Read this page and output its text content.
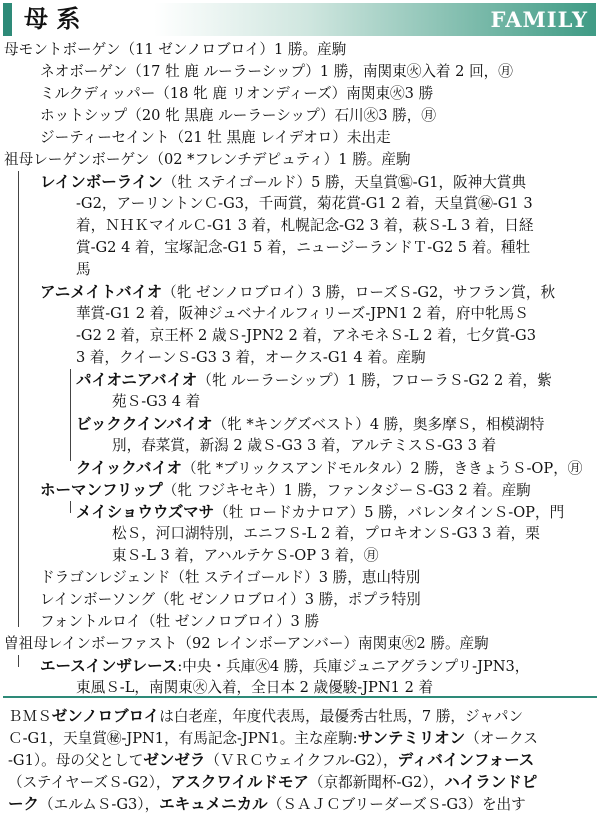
母 系	FAMILY
母モントボーゲン（11 ゼンノロブロイ）1 勝。産駒
ネオボーゲン（17 牡 鹿 ルーラーシップ）1 勝，南関東㊋入着 2 回，㊊
ミルクディッパー（18 牝 鹿 リオンディーズ）南関東㊋3 勝
ホットシップ（20 牝 黒鹿 ルーラーシップ）石川㊋3 勝，㊊
ジーティーセイント（21 牡 黒鹿 レイデオロ）未出走
祖母レーゲンボーゲン（02 *フレンチデピュティ）1 勝。産駒
レインボーライン（牡 ステイゴールド）5 勝，天皇賞㊬-G1，阪神大賞典
-G2，アーリントンＣ-G3，千両賞，菊花賞-G1 2 着，天皇賞㊙-G1 3
着，ＮＨＫマイルＣ-G1 3 着，札幌記念-G2 3 着，萩Ｓ-L 3 着，日経
賞-G2 4 着，宝塚記念-G1 5 着，ニュージーランドＴ-G2 5 着。種牡
馬
アニメイトバイオ（牝 ゼンノロブロイ）3 勝，ローズＳ-G2，サフラン賞，秋
華賞-G1 2 着，阪神ジュベナイルフィリーズ-JPN1 2 着，府中牝馬Ｓ
-G2 2 着，京王杯 2 歳Ｓ-JPN2 2 着，アネモネＳ-L 2 着，七夕賞-G3
3 着，クイーンＳ-G3 3 着，オークス-G1 4 着。産駒
パイオニアバイオ（牝 ルーラーシップ）1 勝，フローラＳ-G2 2 着，紫
苑Ｓ-G3 4 着
ビッククインバイオ（牝 *キングズベスト）4 勝，奥多摩Ｓ，相模湖特
別，春菜賞，新潟 2 歳Ｓ-G3 3 着，アルテミスＳ-G3 3 着
クイックバイオ（牝 *ブリックスアンドモルタル）2 勝，ききょうＳ-OP，㊊
ホーマンフリップ（牝 フジキセキ）1 勝，ファンタジーＳ-G3 2 着。産駒
メイショウウズマサ（牡 ロードカナロア）5 勝，バレンタインＳ-OP，門
松Ｓ，河口湖特別，エニフＳ-L 2 着，プロキオンＳ-G3 3 着，栗
東Ｓ-L 3 着，アハルテケＳ-OP 3 着，㊊
ドラゴンレジェンド（牡 ステイゴールド）3 勝，恵山特別
レインボーソング（牝 ゼンノロブロイ）3 勝，ポプラ特別
フォントルロイ（牡 ゼンノロブロイ）3 勝
曽祖母レインボーファスト（92 レインボーアンバー）南関東㊋2 勝。産駒
エースインザレース:中央・兵庫㊋4 勝，兵庫ジュニアグランプリ-JPN3，
東風Ｓ-L，南関東㊋入着，全日本 2 歳優駿-JPN1 2 着
ＢＭＳゼンノロブロイは白老産，年度代表馬，最優秀古牡馬，7 勝，ジャパン
Ｃ-G1，天皇賞㊙-JPN1，有馬記念-JPN1。主な産駒:サンテミリオン（オークス
-G1）。母の父としてゼンゼラ（ＶＲＣウェイクフル-G2），ディバインフォース
（ステイヤーズＳ-G2），アスクワイルドモア（京都新聞杯-G2），ハイランドピ
ーク（エルムＳ-G3），エキュメニカル（ＳＡＪＣブリーダーズＳ-G3）を出す
